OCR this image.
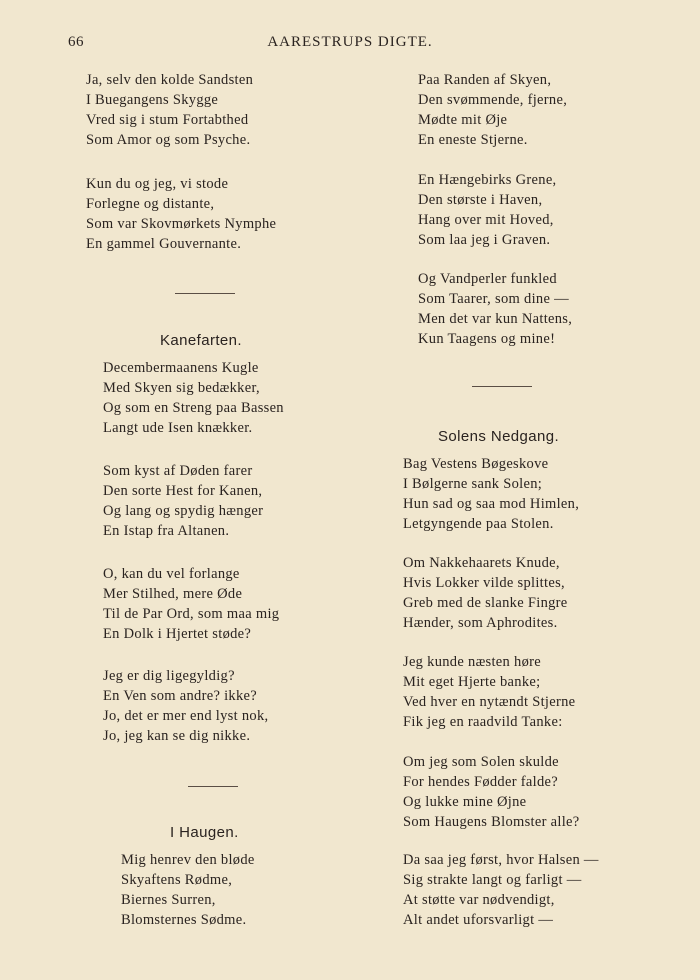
66	AARESTRUPS DIGTE.
Ja, selv den kolde Sandsten
I Buegangens Skygge
Vred sig i stum Fortabthed
Som Amor og som Psyche.
Kun du og jeg, vi stode
Forlegne og distante,
Som var Skovmørkets Nymphe
En gammel Gouvernante.
Kanefarten.
Decembermaanens Kugle
Med Skyen sig bedækker,
Og som en Streng paa Bassen
Langt ude Isen knækker.
Som kyst af Døden farer
Den sorte Hest for Kanen,
Og lang og spydig hænger
En Istap fra Altanen.
O, kan du vel forlange
Mer Stilhed, mere Øde
Til de Par Ord, som maa mig
En Dolk i Hjertet støde?
Jeg er dig ligegyldig?
En Ven som andre? ikke?
Jo, det er mer end lyst nok,
Jo, jeg kan se dig nikke.
I Haugen.
Mig henrev den bløde
Skyaftens Rødme,
Biernes Surren,
Blomsternes Sødme.
Paa Randen af Skyen,
Den svømmende, fjerne,
Mødte mit Øje
En eneste Stjerne.
En Hængebirks Grene,
Den største i Haven,
Hang over mit Hoved,
Som laa jeg i Graven.
Og Vandperler funkled
Som Taarer, som dine —
Men det var kun Nattens,
Kun Taagens og mine!
Solens Nedgang.
Bag Vestens Bøgeskove
I Bølgerne sank Solen;
Hun sad og saa mod Himlen,
Letgyngende paa Stolen.
Om Nakkehaarets Knude,
Hvis Lokker vilde splittes,
Greb med de slanke Fingre
Hænder, som Aphrodites.
Jeg kunde næsten høre
Mit eget Hjerte banke;
Ved hver en nytændt Stjerne
Fik jeg en raadvild Tanke:
Om jeg som Solen skulde
For hendes Fødder falde?
Og lukke mine Øjne
Som Haugens Blomster alle?
Da saa jeg først, hvor Halsen —
Sig strakte langt og farligt —
At støtte var nødvendigt,
Alt andet uforsvarligt —
